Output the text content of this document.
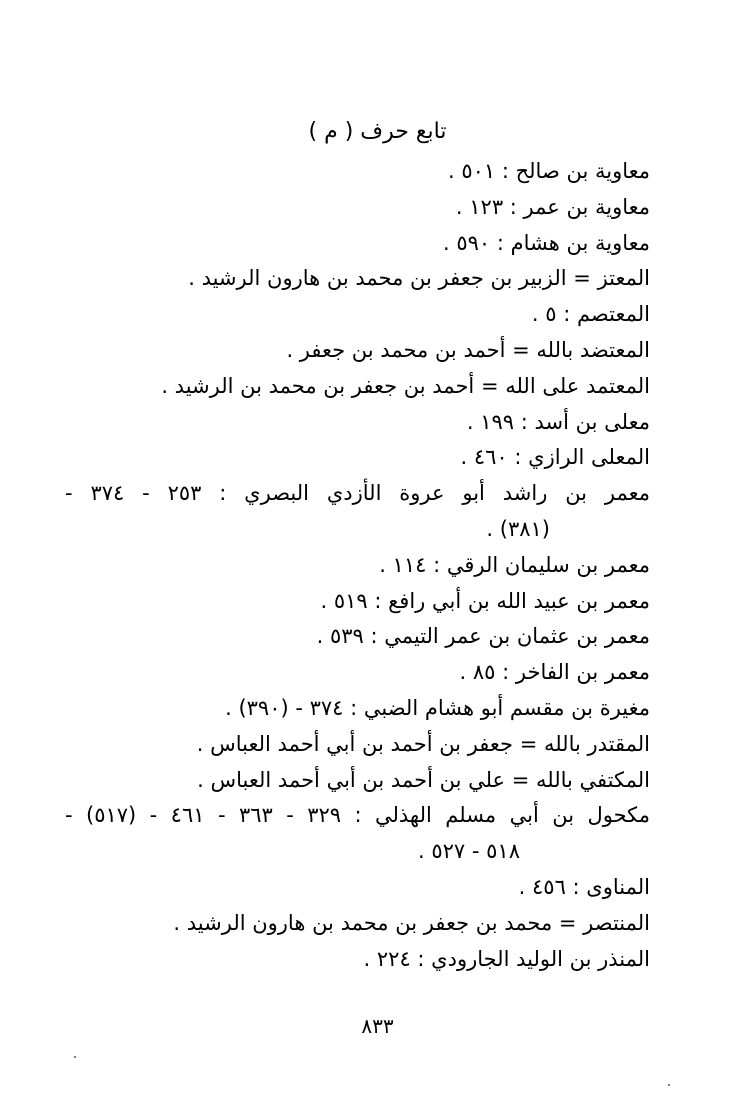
تابع حرف ( م )
معاوية بن صالح : ٥٠١ .
معاوية بن عمر : ١٢٣ .
معاوية بن هشام : ٥٩٠ .
المعتز = الزبير بن جعفر بن محمد بن هارون الرشيد .
المعتصم : ٥ .
المعتضد بالله = أحمد بن محمد بن جعفر .
المعتمد على الله = أحمد بن جعفر بن محمد بن الرشيد .
معلى بن أسد : ١٩٩ .
المعلى الرازي : ٤٦٠ .
معمر بن راشد أبو عروة الأزدي البصري : ٢٥٣ - ٣٧٤ -
(٣٨١) .
معمر بن سليمان الرقي : ١١٤ .
معمر بن عبيد الله بن أبي رافع : ٥١٩ .
معمر بن عثمان بن عمر التيمي : ٥٣٩ .
معمر بن الفاخر : ٨٥ .
مغيرة بن مقسم أبو هشام الضبي : ٣٧٤ - (٣٩٠) .
المقتدر بالله = جعفر بن أحمد بن أبي أحمد العباس .
المكتفي بالله = علي بن أحمد بن أبي أحمد العباس .
مكحول بن أبي مسلم الهذلي : ٣٢٩ - ٣٦٣ - ٤٦١ - (٥١٧) -
٥١٨ - ٥٢٧ .
المناوى : ٤٥٦ .
المنتصر = محمد بن جعفر بن محمد بن هارون الرشيد .
المنذر بن الوليد الجارودي : ٢٢٤ .
٨٣٣
